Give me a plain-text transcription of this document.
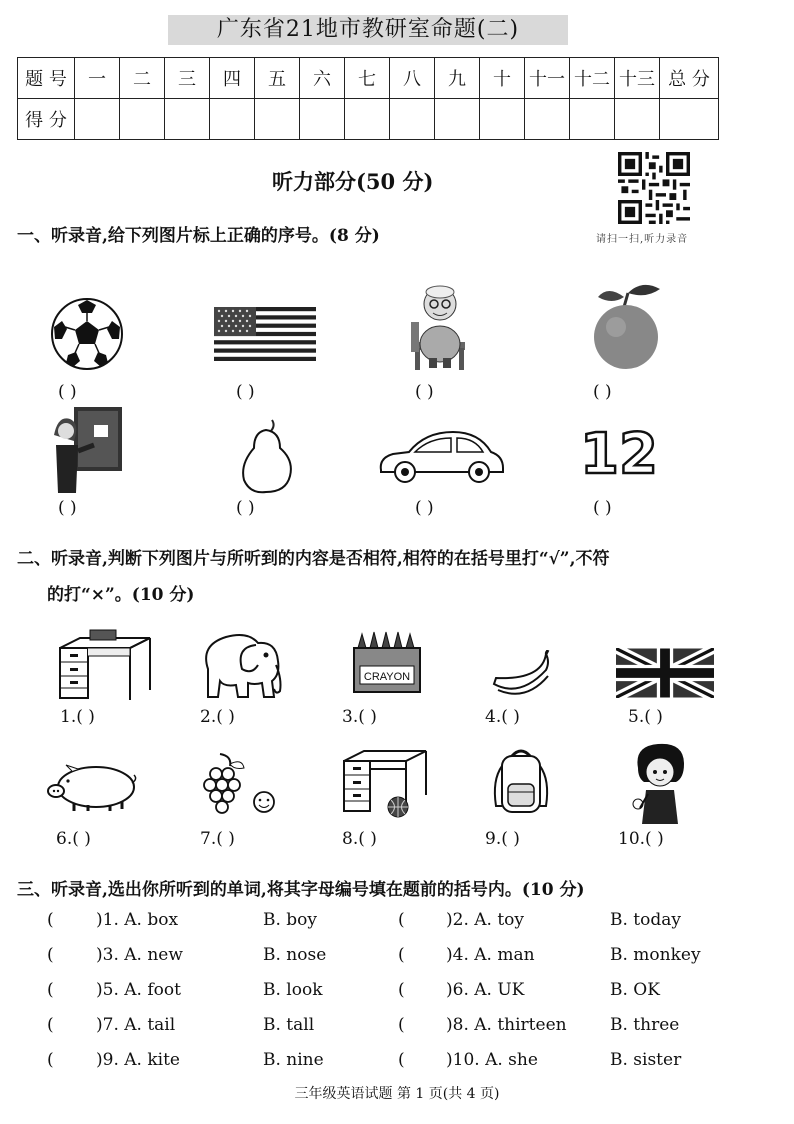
广东省21地市教研室命题(二)
题 号	一	二	三	四	五	六	七	八	九	十	十一	十二	十三	总 分
得 分														
听力部分(50 分)
请扫一扫,听力录音
一、听录音,给下列图片标上正确的序号。(8 分)
( )	( )	( )	( )
12
( )	( )	( )	( )
二、听录音,判断下列图片与所听到的内容是否相符,相符的在括号里打“√”,不符
的打“×”。(10 分)
CRAYON
1.( )	2.( )	3.( )	4.( )	5.( )
6.( )	7.( )	8.( )	9.( )	10.( )
三、听录音,选出你所听到的单词,将其字母编号填在题前的括号内。(10 分)
( )1. A. box	B. boy	( )2. A. toy	B. today
( )3. A. new	B. nose	( )4. A. man	B. monkey
( )5. A. foot	B. look	( )6. A. UK	B. OK
( )7. A. tail	B. tall	( )8. A. thirteen	B. three
( )9. A. kite	B. nine	( )10. A. she	B. sister
三年级英语试题 第 1 页(共 4 页)
